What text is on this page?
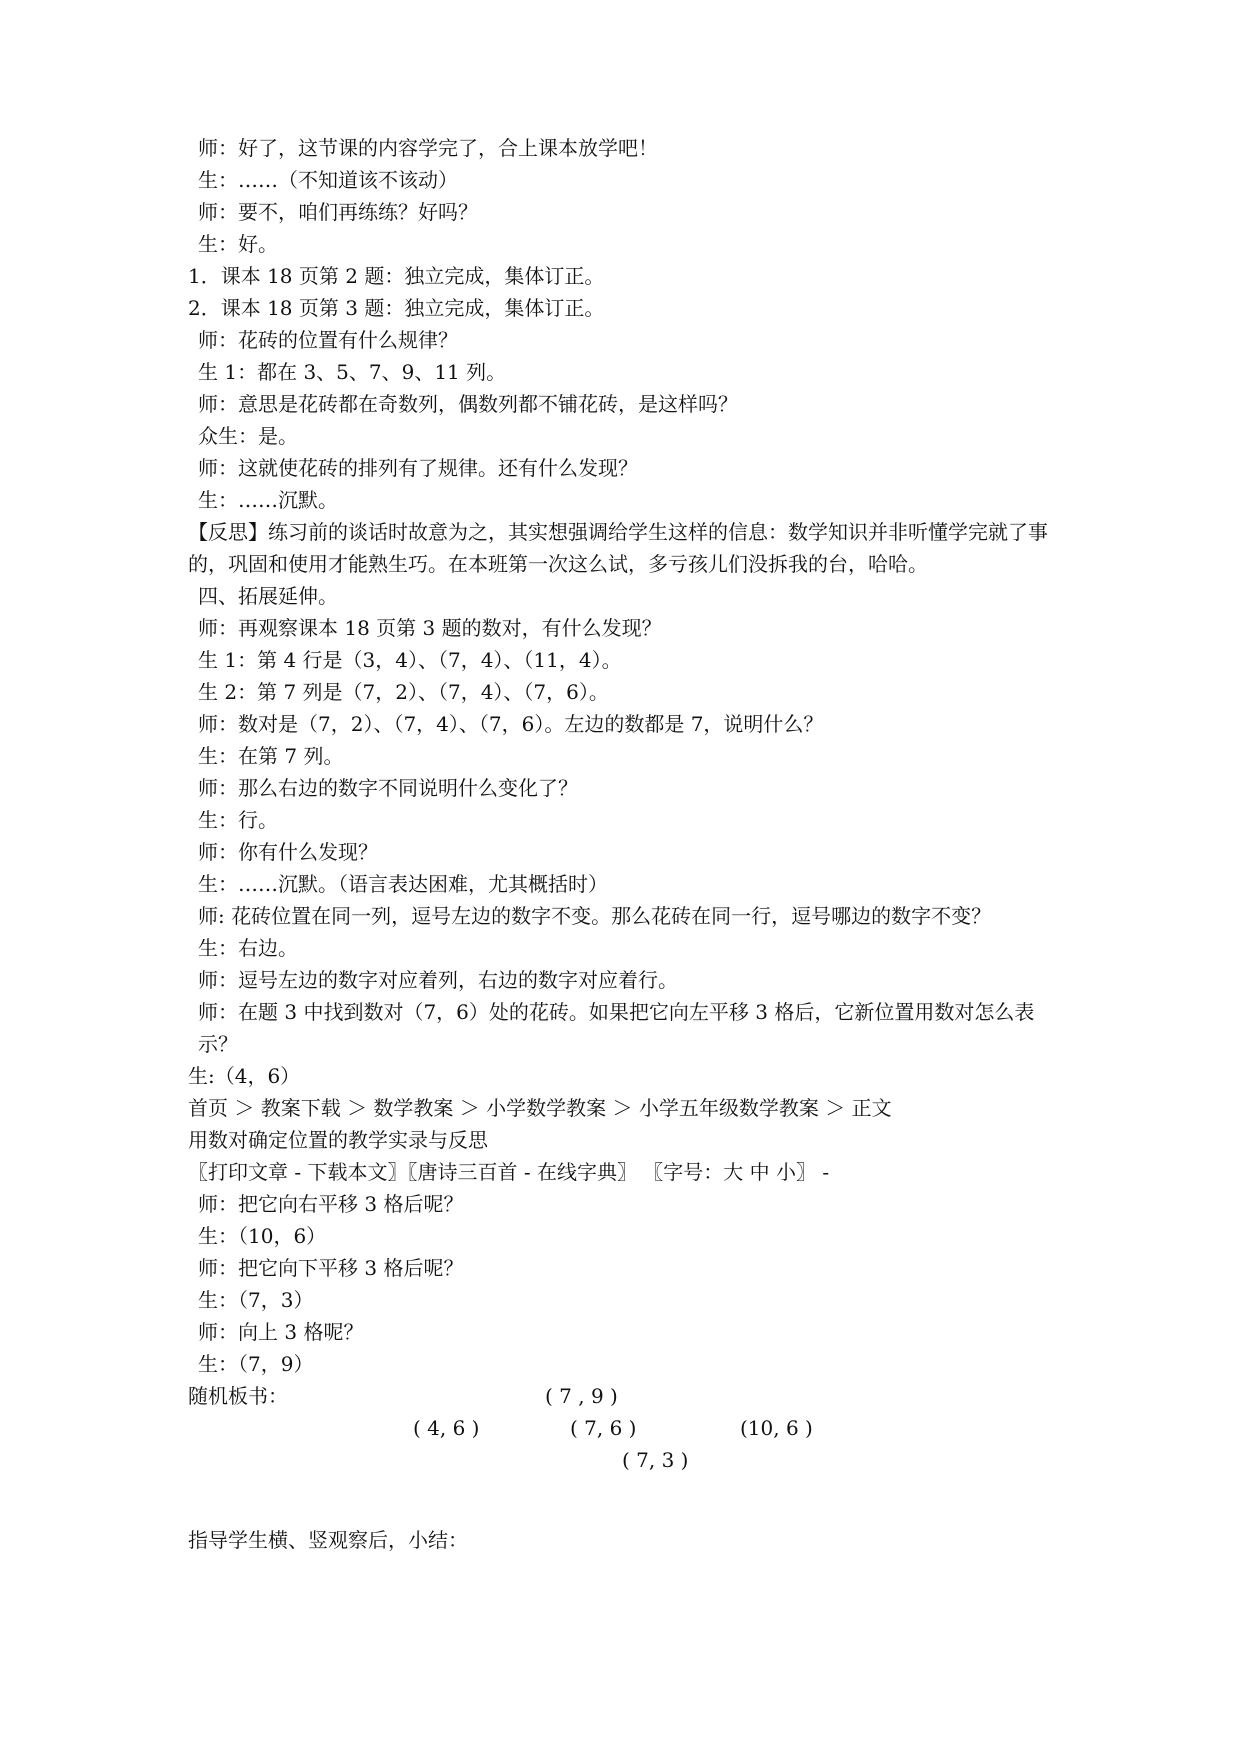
师：好了，这节课的内容学完了，合上课本放学吧！

生：……（不知道该不该动）

师：要不，咱们再练练？好吗？

生：好。

1．课本 18 页第 2 题：独立完成，集体订正。

2．课本 18 页第 3 题：独立完成，集体订正。

师：花砖的位置有什么规律？

生 1：都在 3、5、7、9、11 列。

师：意思是花砖都在奇数列，偶数列都不铺花砖，是这样吗？

众生：是。

师：这就使花砖的排列有了规律。还有什么发现？

生：……沉默。

【反思】练习前的谈话时故意为之，其实想强调给学生这样的信息：数学知识并非听懂学完就了事的，巩固和使用才能熟生巧。在本班第一次这么试，多亏孩儿们没拆我的台，哈哈。

四、拓展延伸。

师：再观察课本 18 页第 3 题的数对，有什么发现？

生 1：第 4 行是（3，4）、（7，4）、（11，4）。

生 2：第 7 列是（7，2）、（7，4）、（7，6）。

师：数对是（7，2）、（7，4）、（7，6）。左边的数都是 7，说明什么？

生：在第 7 列。

师：那么右边的数字不同说明什么变化了？

生：行。

师：你有什么发现？

生：……沉默。（语言表达困难，尤其概括时）

师: 花砖位置在同一列，逗号左边的数字不变。那么花砖在同一行，逗号哪边的数字不变？

生：右边。

师：逗号左边的数字对应着列，右边的数字对应着行。

师：在题 3 中找到数对（7，6）处的花砖。如果把它向左平移 3 格后，它新位置用数对怎么表示？

生:（4，6）

首页 ＞ 教案下载 ＞ 数学教案 ＞ 小学数学教案 ＞ 小学五年级数学教案 ＞ 正文

用数对确定位置的教学实录与反思

〖打印文章 - 下载本文〗〖唐诗三百首 - 在线字典〗 〖字号：大 中 小〗 -

师：把它向右平移 3 格后呢？

生：（10，6）

师：把它向下平移 3 格后呢？

生：（7，3）

师：向上 3 格呢？

生：（7，9）

随机板书：	( 7 , 9 )

( 4, 6 )	( 7, 6 )	(10, 6 )

( 7, 3 )

指导学生横、竖观察后，小结：
